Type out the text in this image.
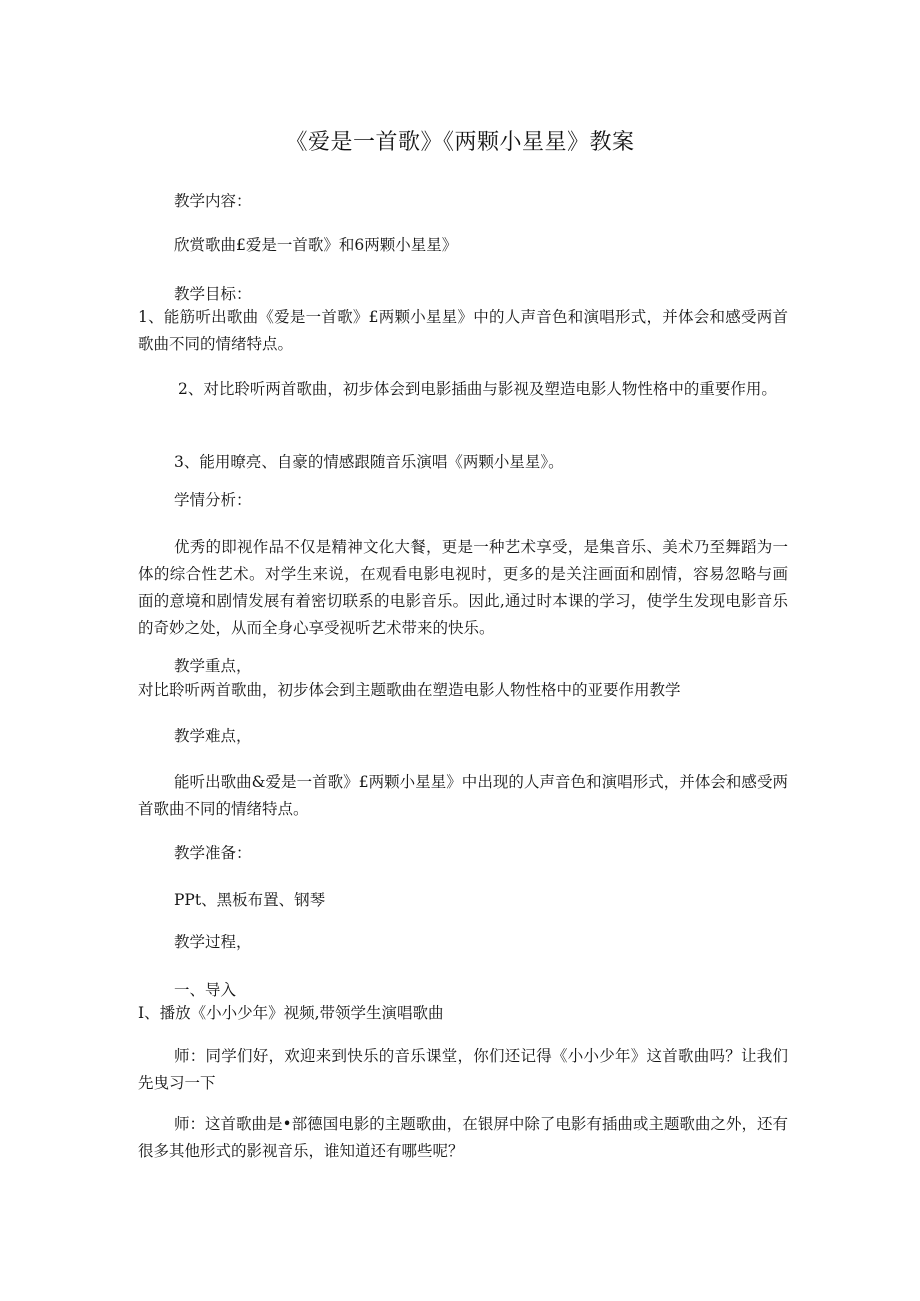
《爱是一首歌》《两颗小星星》教案

教学内容：

欣赏歌曲£爱是一首歌》和6两颗小星星》

教学目标：

1、能筋听出歌曲《爱是一首歌》£两颗小星星》中的人声音色和演唱形式，并体会和感受两首歌曲不同的情绪特点。

2、对比聆听两首歌曲，初步体会到电影插曲与影视及塑造电影人物性格中的重要作用。

3、能用暸亮、自豪的情感跟随音乐演唱《两颗小星星》。

学情分析：

优秀的即视作品不仅是精神文化大餐，更是一种艺术享受，是集音乐、美术乃至舞蹈为一体的综合性艺术。对学生来说，在观看电影电视时，更多的是关注画面和剧情，容易忽略与画面的意境和剧情发展有着密切联系的电影音乐。因此,通过时本课的学习，使学生发现电影音乐的奇妙之处，从而全身心享受视听艺术带来的快乐。

教学重点，

对比聆听两首歌曲，初步体会到主题歌曲在塑造电影人物性格中的亚要作用教学

教学难点，

能听出歌曲&爱是一首歌》£两颗小星星》中出现的人声音色和演唱形式，并体会和感受两首歌曲不同的情绪特点。

教学准备：

PPt、黑板布置、钢琴

教学过程，

一、导入

I、播放《小小少年》视频,带领学生演唱歌曲

师：同学们好，欢迎来到快乐的音乐课堂，你们还记得《小小少年》这首歌曲吗？让我们先曳习一下

师：这首歌曲是•部德国电影的主题歌曲，在银屏中除了电影有插曲或主题歌曲之外，还有很多其他形式的影视音乐，谁知道还有哪些呢？
